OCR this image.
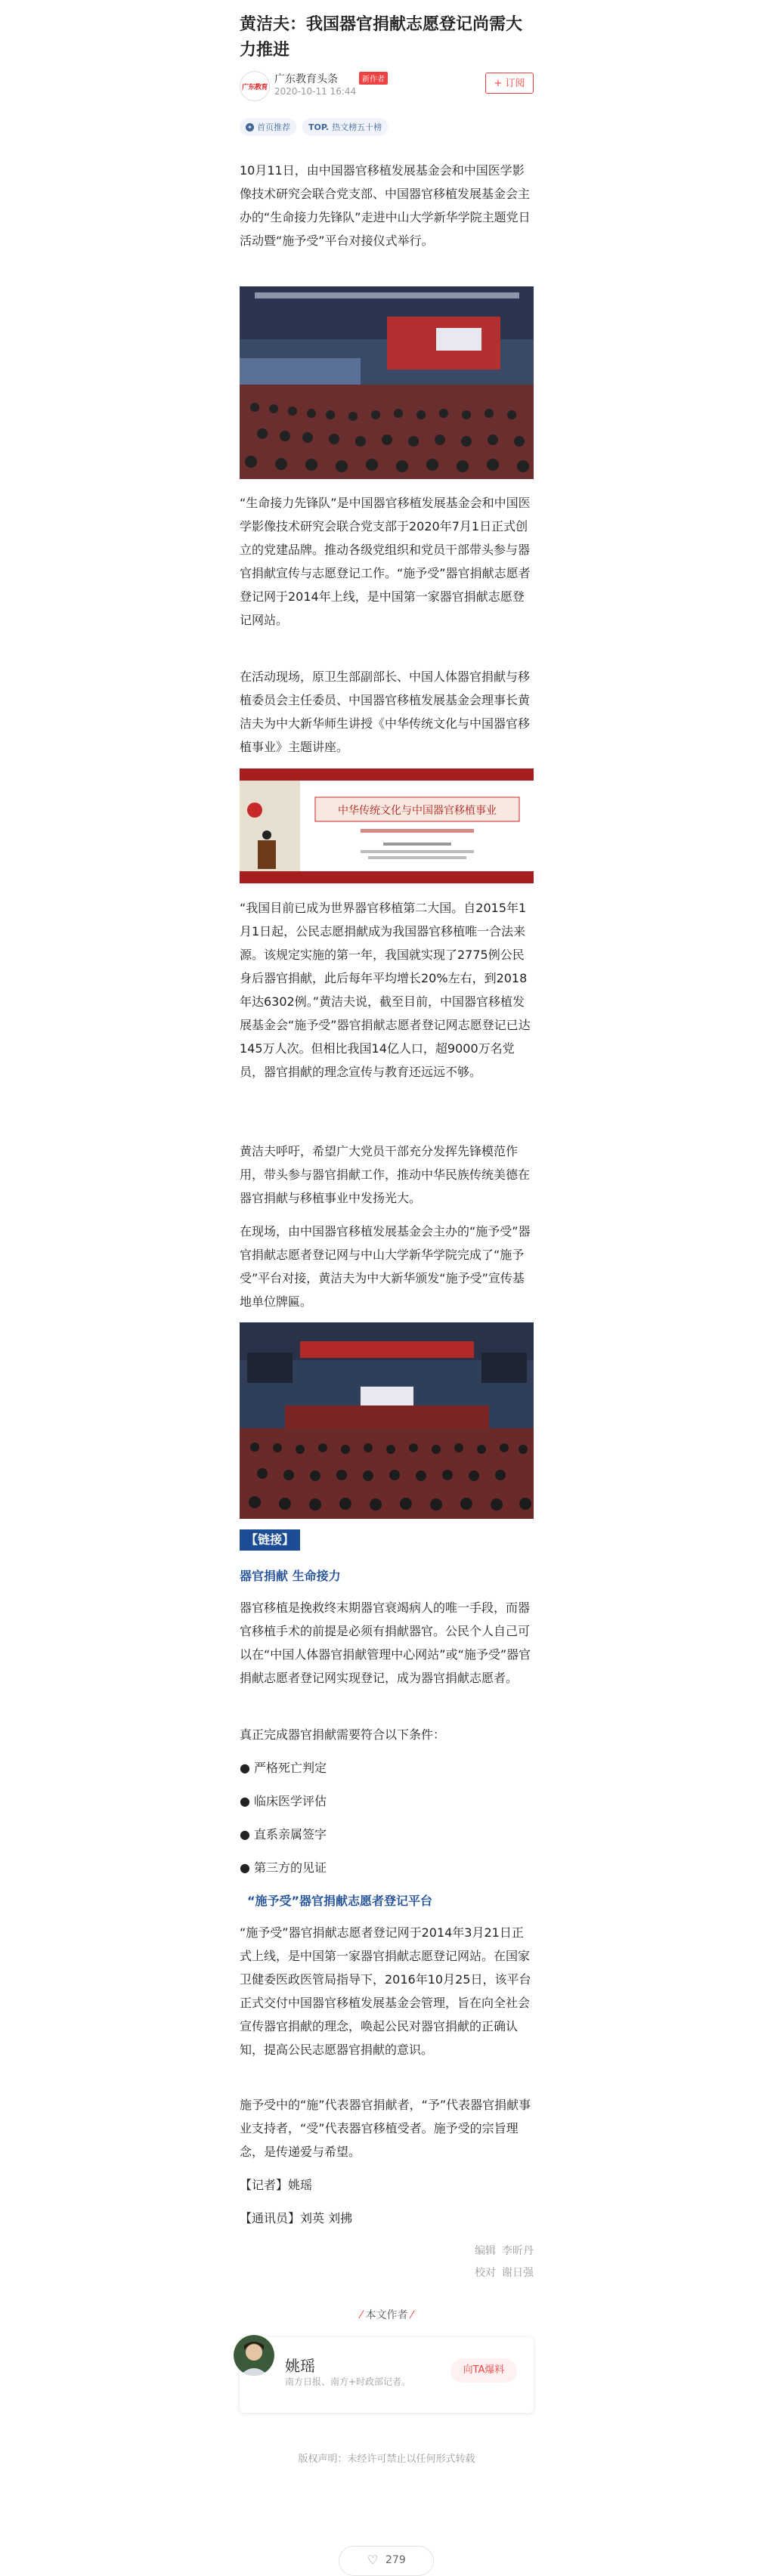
黄洁夫：我国器官捐献志愿登记尚需大力推进
广东教育
广东教育头条	新作者
2020-10-11 16:44
+ 订阅
✦ 首页推荐 TOP. 热文榜五十榜

10月11日，由中国器官移植发展基金会和中国医学影像技术研究会联合党支部、中国器官移植发展基金会主办的“生命接力先锋队”走进中山大学新华学院主题党日活动暨“施予受”平台对接仪式举行。

“生命接力先锋队”是中国器官移植发展基金会和中国医学影像技术研究会联合党支部于2020年7月1日正式创立的党建品牌。推动各级党组织和党员干部带头参与器官捐献宣传与志愿登记工作。“施予受”器官捐献志愿者登记网于2014年上线，是中国第一家器官捐献志愿登记网站。

在活动现场，原卫生部副部长、中国人体器官捐献与移植委员会主任委员、中国器官移植发展基金会理事长黄洁夫为中大新华师生讲授《中华传统文化与中国器官移植事业》主题讲座。

中华传统文化与中国器官移植事业

“我国目前已成为世界器官移植第二大国。自2015年1月1日起，公民志愿捐献成为我国器官移植唯一合法来源。该规定实施的第一年，我国就实现了2775例公民身后器官捐献，此后每年平均增长20%左右，到2018年达6302例。”黄洁夫说，截至目前，中国器官移植发展基金会“施予受”器官捐献志愿者登记网志愿登记已达145万人次。但相比我国14亿人口，超9000万名党员，器官捐献的理念宣传与教育还远远不够。

黄洁夫呼吁，希望广大党员干部充分发挥先锋模范作用，带头参与器官捐献工作，推动中华民族传统美德在器官捐献与移植事业中发扬光大。

在现场，由中国器官移植发展基金会主办的“施予受”器官捐献志愿者登记网与中山大学新华学院完成了“施予受”平台对接，黄洁夫为中大新华颁发“施予受”宣传基地单位牌匾。

【链接】

器官捐献 生命接力

器官移植是挽救终末期器官衰竭病人的唯一手段，而器官移植手术的前提是必须有捐献器官。公民个人自己可以在“中国人体器官捐献管理中心网站”或“施予受”器官捐献志愿者登记网实现登记，成为器官捐献志愿者。

真正完成器官捐献需要符合以下条件：

● 严格死亡判定

● 临床医学评估

● 直系亲属签字

● 第三方的见证

“施予受”器官捐献志愿者登记平台

“施予受”器官捐献志愿者登记网于2014年3月21日正式上线，是中国第一家器官捐献志愿登记网站。在国家卫健委医政医管局指导下，2016年10月25日，该平台正式交付中国器官移植发展基金会管理，旨在向全社会宣传器官捐献的理念，唤起公民对器官捐献的正确认知，提高公民志愿器官捐献的意识。

施予受中的“施”代表器官捐献者，“予”代表器官捐献事业支持者，“受”代表器官移植受者。施予受的宗旨理念，是传递爱与希望。

【记者】姚瑶

【通讯员】刘英 刘拂

编辑 李昕丹
校对 谢日强
⁄ 本文作者 ⁄
姚瑶
南方日报、南方+时政部记者。
向TA爆料
版权声明：未经许可禁止以任何形式转载
♡ 279
